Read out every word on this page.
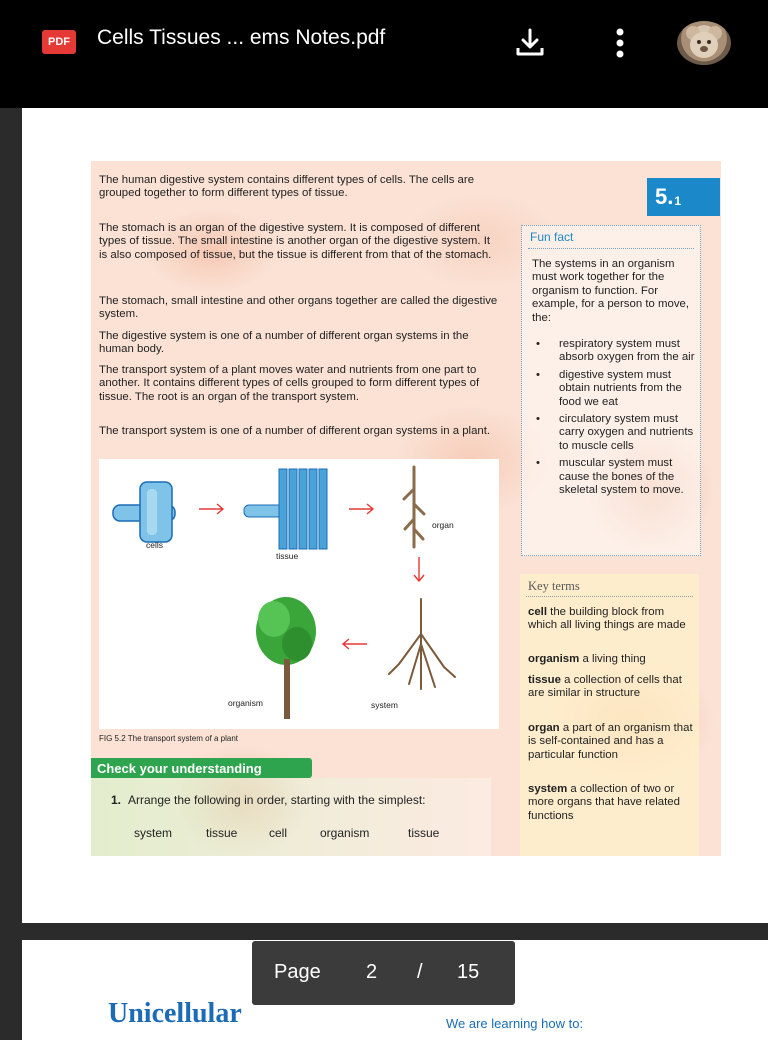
PDF Cells Tissues ... ems Notes.pdf
The human digestive system contains different types of cells. The cells are grouped together to form different types of tissue.
The stomach is an organ of the digestive system. It is composed of different types of tissue. The small intestine is another organ of the digestive system. It is also composed of tissue, but the tissue is different from that of the stomach.
The stomach, small intestine and other organs together are called the digestive system.
The digestive system is one of a number of different organ systems in the human body.
The transport system of a plant moves water and nutrients from one part to another. It contains different types of cells grouped to form different types of tissue. The root is an organ of the transport system.
The transport system is one of a number of different organ systems in a plant.
5. 1
Fun fact
The systems in an organism must work together for the organism to function. For example, for a person to move, the:
• respiratory system must absorb oxygen from the air
• digestive system must obtain nutrients from the food we eat
• circulatory system must carry oxygen and nutrients to muscle cells
• muscular system must cause the bones of the skeletal system to move.
Key terms
cell the building block from which all living things are made
organism a living thing
tissue a collection of cells that are similar in structure
organ a part of an organism that is self-contained and has a particular function
system a collection of two or more organs that have related functions
cells
tissue
organ
organism	system
FIG 5.2 The transport system of a plant
Check your understanding
1. Arrange the following in order, starting with the simplest:
system	tissue	cell	organism	tissue
Unicellular	We are learning how to:
Page 2 / 15
